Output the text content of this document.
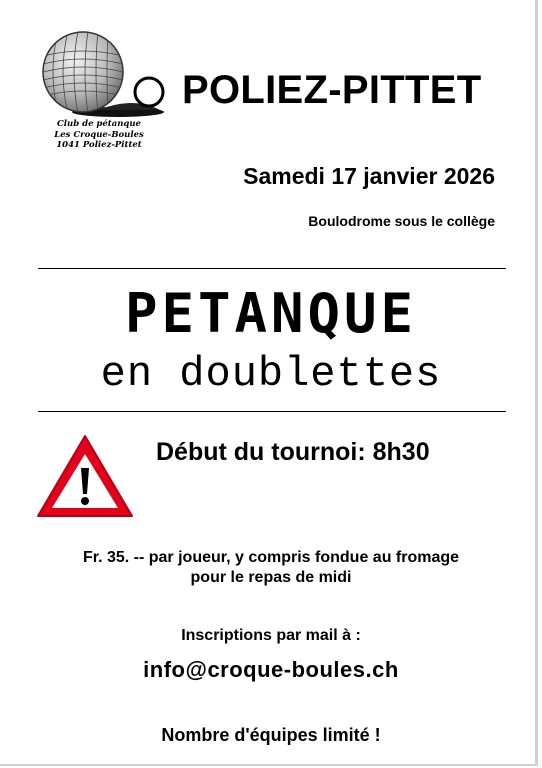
Club de pétanque
Les Croque-Boules
1041 Poliez-Pittet
POLIEZ-PITTET
Samedi 17 janvier 2026
Boulodrome sous le collège
PETANQUE
en doublettes
Début du tournoi: 8h30
Fr. 35. -- par joueur, y compris fondue au fromage
pour le repas de midi
Inscriptions par mail à :
info@croque-boules.ch
Nombre d'équipes limité !
